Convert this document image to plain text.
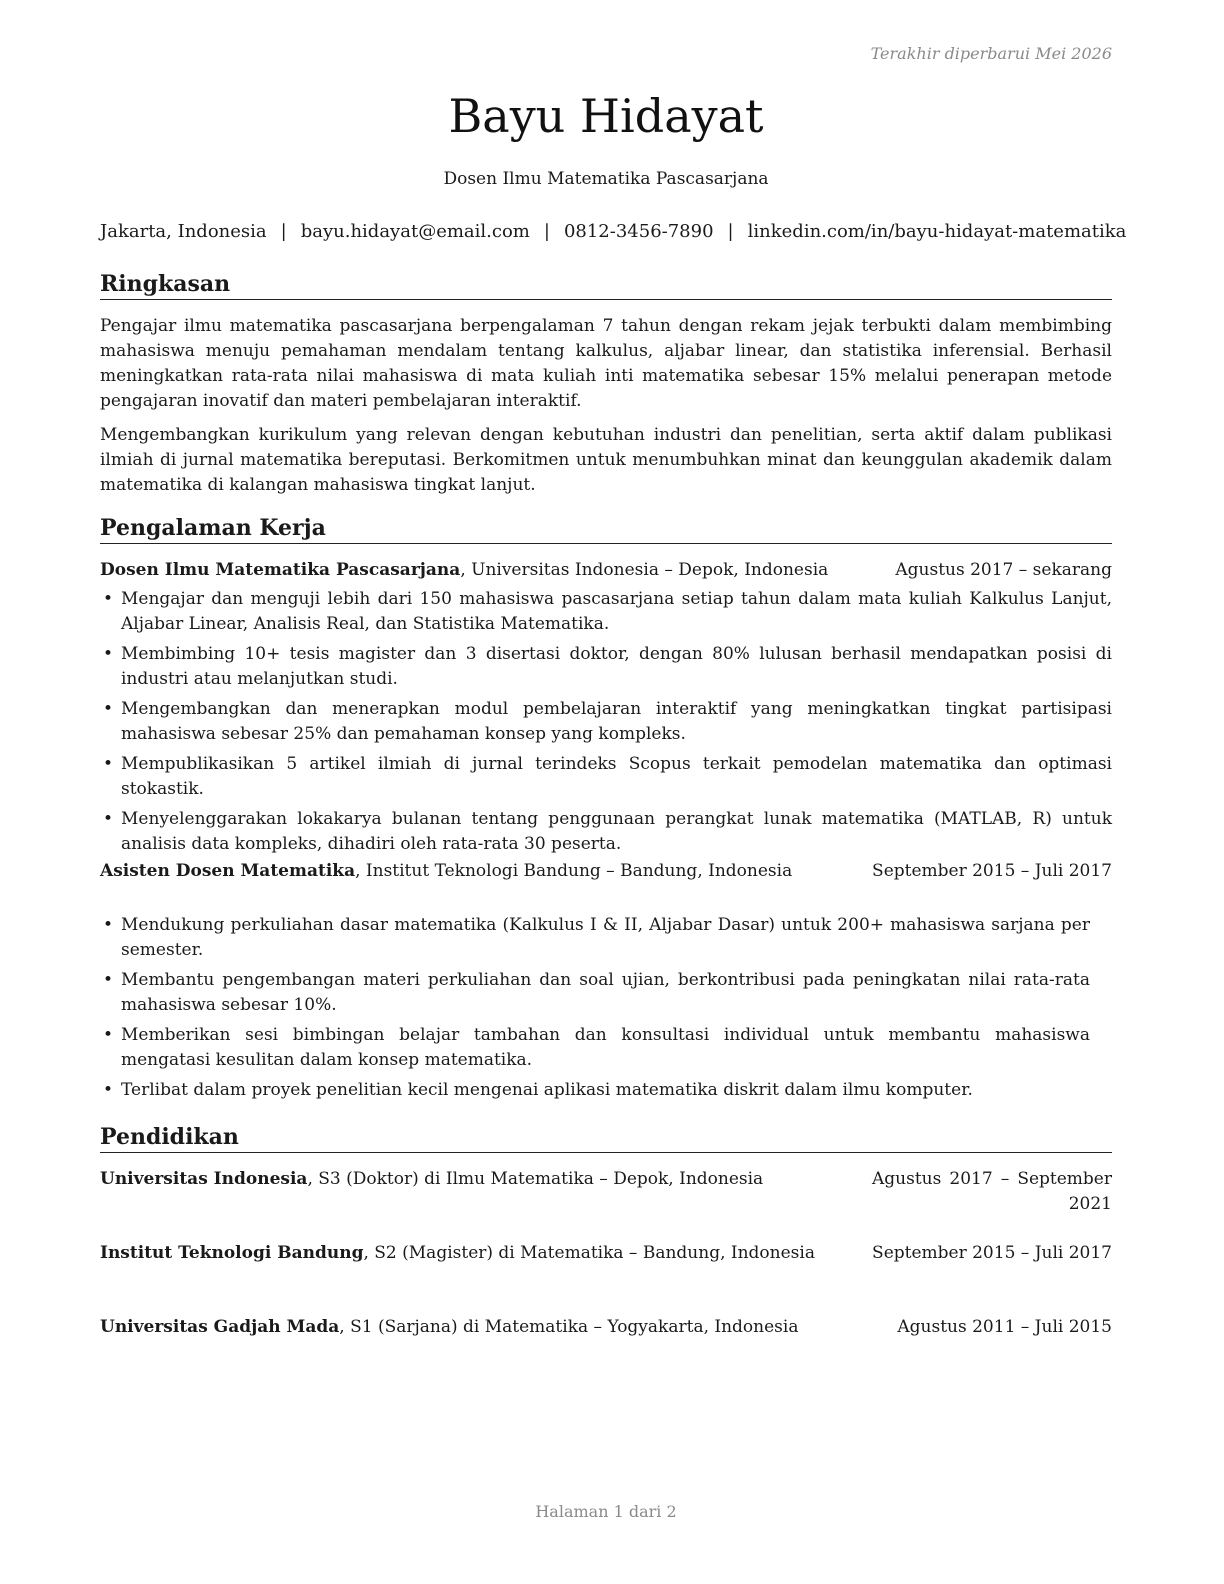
Terakhir diperbarui Mei 2026
Bayu Hidayat
Dosen Ilmu Matematika Pascasarjana
Jakarta, Indonesia | bayu.hidayat@email.com | 0812-3456-7890 | linkedin.com/in/bayu-hidayat-matematika
Ringkasan

Pengajar ilmu matematika pascasarjana berpengalaman 7 tahun dengan rekam jejak terbukti dalam membimbing mahasiswa menuju pemahaman mendalam tentang kalkulus, aljabar linear, dan statistika inferensial. Berhasil meningkatkan rata-rata nilai mahasiswa di mata kuliah inti matematika sebesar 15% melalui penerapan metode pengajaran inovatif dan materi pembelajaran interaktif.

Mengembangkan kurikulum yang relevan dengan kebutuhan industri dan penelitian, serta aktif dalam publikasi ilmiah di jurnal matematika bereputasi. Berkomitmen untuk menumbuhkan minat dan keunggulan akademik dalam matematika di kalangan mahasiswa tingkat lanjut.

Pengalaman Kerja
Dosen Ilmu Matematika Pascasarjana, Universitas Indonesia – Depok, Indonesia	Agustus 2017 – sekarang
• Mengajar dan menguji lebih dari 150 mahasiswa pascasarjana setiap tahun dalam mata kuliah Kalkulus Lanjut, Aljabar Linear, Analisis Real, dan Statistika Matematika.
• Membimbing 10+ tesis magister dan 3 disertasi doktor, dengan 80% lulusan berhasil mendapatkan posisi di industri atau melanjutkan studi.
• Mengembangkan dan menerapkan modul pembelajaran interaktif yang meningkatkan tingkat partisipasi mahasiswa sebesar 25% dan pemahaman konsep yang kompleks.
• Mempublikasikan 5 artikel ilmiah di jurnal terindeks Scopus terkait pemodelan matematika dan optimasi stokastik.
• Menyelenggarakan lokakarya bulanan tentang penggunaan perangkat lunak matematika (MATLAB, R) untuk analisis data kompleks, dihadiri oleh rata-rata 30 peserta.
Asisten Dosen Matematika, Institut Teknologi Bandung – Bandung, Indonesia	September 2015 – Juli 2017
• Mendukung perkuliahan dasar matematika (Kalkulus I & II, Aljabar Dasar) untuk 200+ mahasiswa sarjana per semester.
• Membantu pengembangan materi perkuliahan dan soal ujian, berkontribusi pada peningkatan nilai rata-rata mahasiswa sebesar 10%.
• Memberikan sesi bimbingan belajar tambahan dan konsultasi individual untuk membantu mahasiswa mengatasi kesulitan dalam konsep matematika.
• Terlibat dalam proyek penelitian kecil mengenai aplikasi matematika diskrit dalam ilmu komputer.
Pendidikan
Universitas Indonesia, S3 (Doktor) di Ilmu Matematika – Depok, Indonesia	Agustus 2017 – September 2021
Institut Teknologi Bandung, S2 (Magister) di Matematika – Bandung, Indonesia	September 2015 – Juli 2017
Universitas Gadjah Mada, S1 (Sarjana) di Matematika – Yogyakarta, Indonesia	Agustus 2011 – Juli 2015
Halaman 1 dari 2
